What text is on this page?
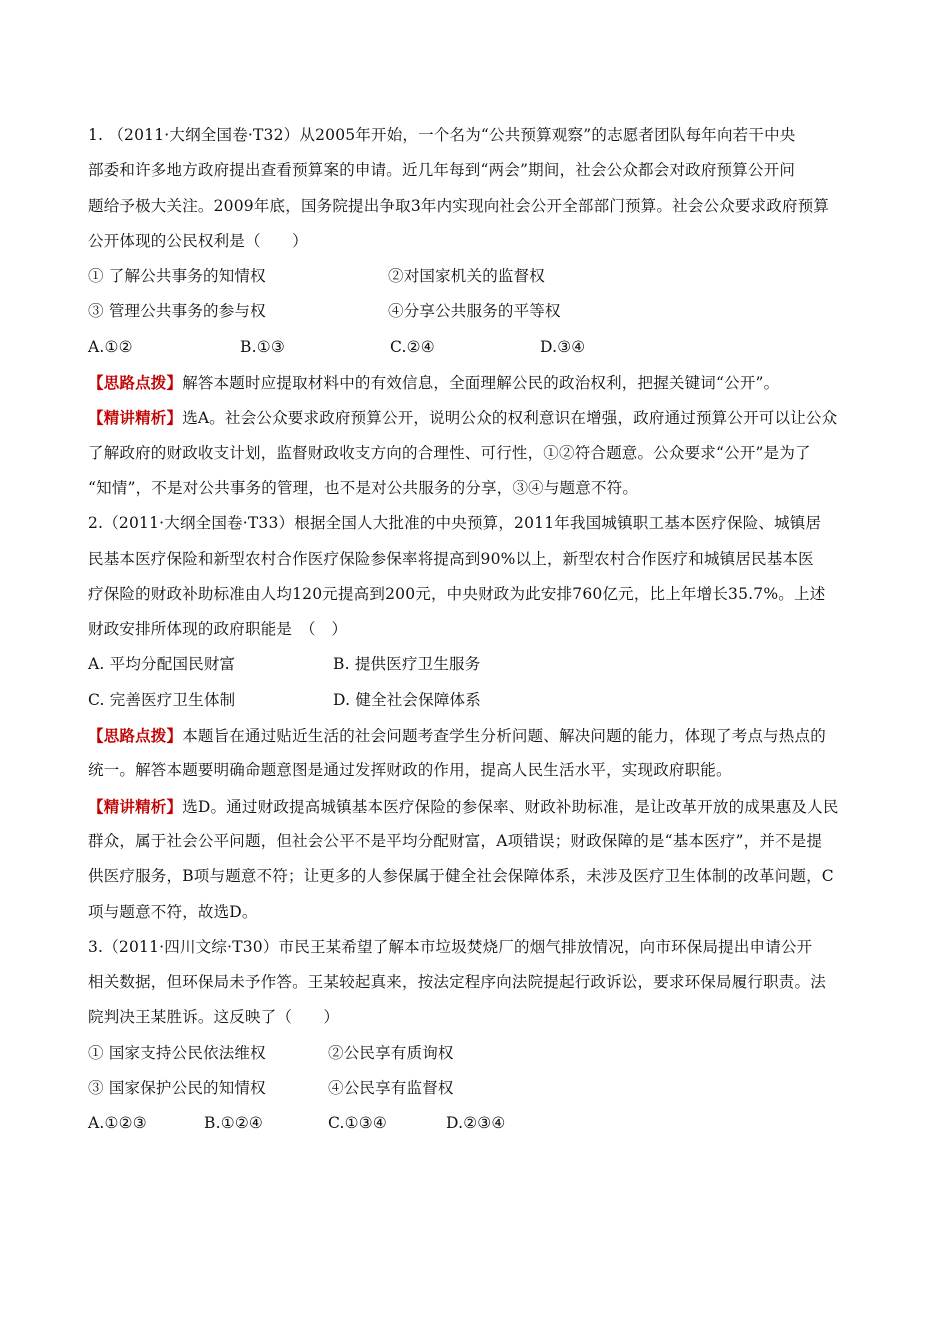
1. （2011·大纲全国卷·T32）从2005年开始，一个名为“公共预算观察”的志愿者团队每年向若干中央
部委和许多地方政府提出查看预算案的申请。近几年每到“两会”期间，社会公众都会对政府预算公开问
题给予极大关注。2009年底，国务院提出争取3年内实现向社会公开全部部门预算。社会公众要求政府预算
公开体现的公民权利是（　　）
① 了解公共事务的知情权	②对国家机关的监督权
③ 管理公共事务的参与权	④分享公共服务的平等权
A.①②	B.①③	C.②④	D.③④
【思路点拨】解答本题时应提取材料中的有效信息，全面理解公民的政治权利，把握关键词“公开”。
【精讲精析】选A。社会公众要求政府预算公开，说明公众的权利意识在增强，政府通过预算公开可以让公众
了解政府的财政收支计划，监督财政收支方向的合理性、可行性，①②符合题意。公众要求“公开”是为了
“知情”，不是对公共事务的管理，也不是对公共服务的分享，③④与题意不符。
2.（2011·大纲全国卷·T33）根据全国人大批准的中央预算，2011年我国城镇职工基本医疗保险、城镇居
民基本医疗保险和新型农村合作医疗保险参保率将提高到90%以上，新型农村合作医疗和城镇居民基本医
疗保险的财政补助标准由人均120元提高到200元，中央财政为此安排760亿元，比上年增长35.7%。上述
财政安排所体现的政府职能是　（　）
A. 平均分配国民财富	B. 提供医疗卫生服务
C. 完善医疗卫生体制	D. 健全社会保障体系
【思路点拨】本题旨在通过贴近生活的社会问题考查学生分析问题、解决问题的能力，体现了考点与热点的
统一。解答本题要明确命题意图是通过发挥财政的作用，提高人民生活水平，实现政府职能。
【精讲精析】选D。通过财政提高城镇基本医疗保险的参保率、财政补助标准，是让改革开放的成果惠及人民
群众，属于社会公平问题，但社会公平不是平均分配财富，A项错误；财政保障的是“基本医疗”，并不是提
供医疗服务，B项与题意不符；让更多的人参保属于健全社会保障体系，未涉及医疗卫生体制的改革问题，C
项与题意不符，故选D。
3.（2011·四川文综·T30）市民王某希望了解本市垃圾焚烧厂的烟气排放情况，向市环保局提出申请公开
相关数据，但环保局未予作答。王某较起真来，按法定程序向法院提起行政诉讼，要求环保局履行职责。法
院判决王某胜诉。这反映了（　　）
① 国家支持公民依法维权	②公民享有质询权
③ 国家保护公民的知情权	④公民享有监督权
A.①②③	B.①②④	C.①③④	D.②③④
